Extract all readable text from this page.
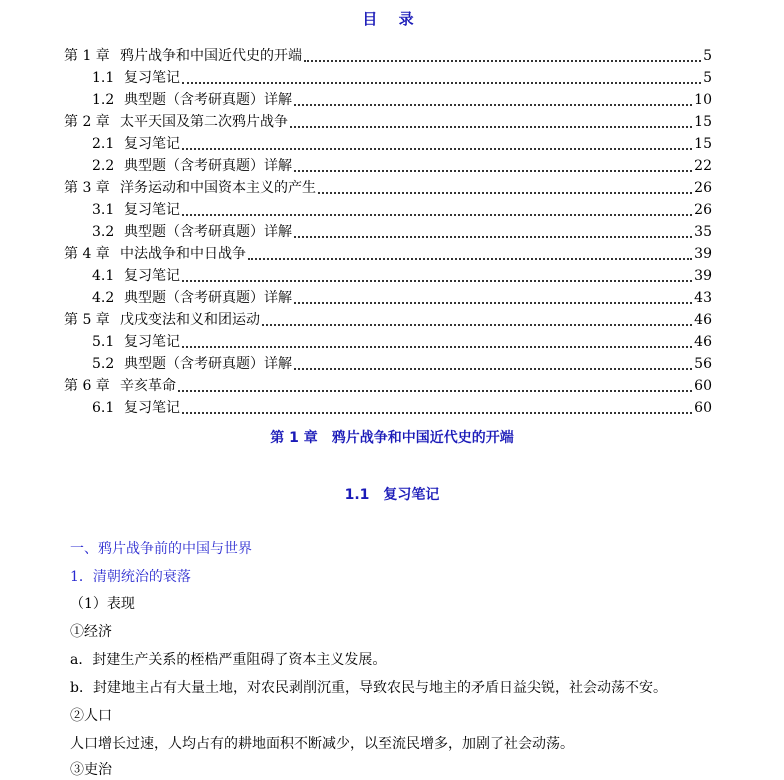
目 录
第 1 章 鸦片战争和中国近代史的开端	5
1.1 复习笔记	5
1.2 典型题（含考研真题）详解	10
第 2 章 太平天国及第二次鸦片战争	15
2.1 复习笔记	15
2.2 典型题（含考研真题）详解	22
第 3 章 洋务运动和中国资本主义的产生	26
3.1 复习笔记	26
3.2 典型题（含考研真题）详解	35
第 4 章 中法战争和中日战争	39
4.1 复习笔记	39
4.2 典型题（含考研真题）详解	43
第 5 章 戊戌变法和义和团运动	46
5.1 复习笔记	46
5.2 典型题（含考研真题）详解	56
第 6 章 辛亥革命	60
6.1 复习笔记	60
第 1 章　鸦片战争和中国近代史的开端
1.1　复习笔记
一、鸦片战争前的中国与世界
1．清朝统治的衰落
（1）表现
①经济
a．封建生产关系的桎梏严重阻碍了资本主义发展。
b．封建地主占有大量土地，对农民剥削沉重，导致农民与地主的矛盾日益尖锐，社会动荡不安。
②人口
人口增长过速，人均占有的耕地面积不断减少，以至流民增多，加剧了社会动荡。
③吏治
